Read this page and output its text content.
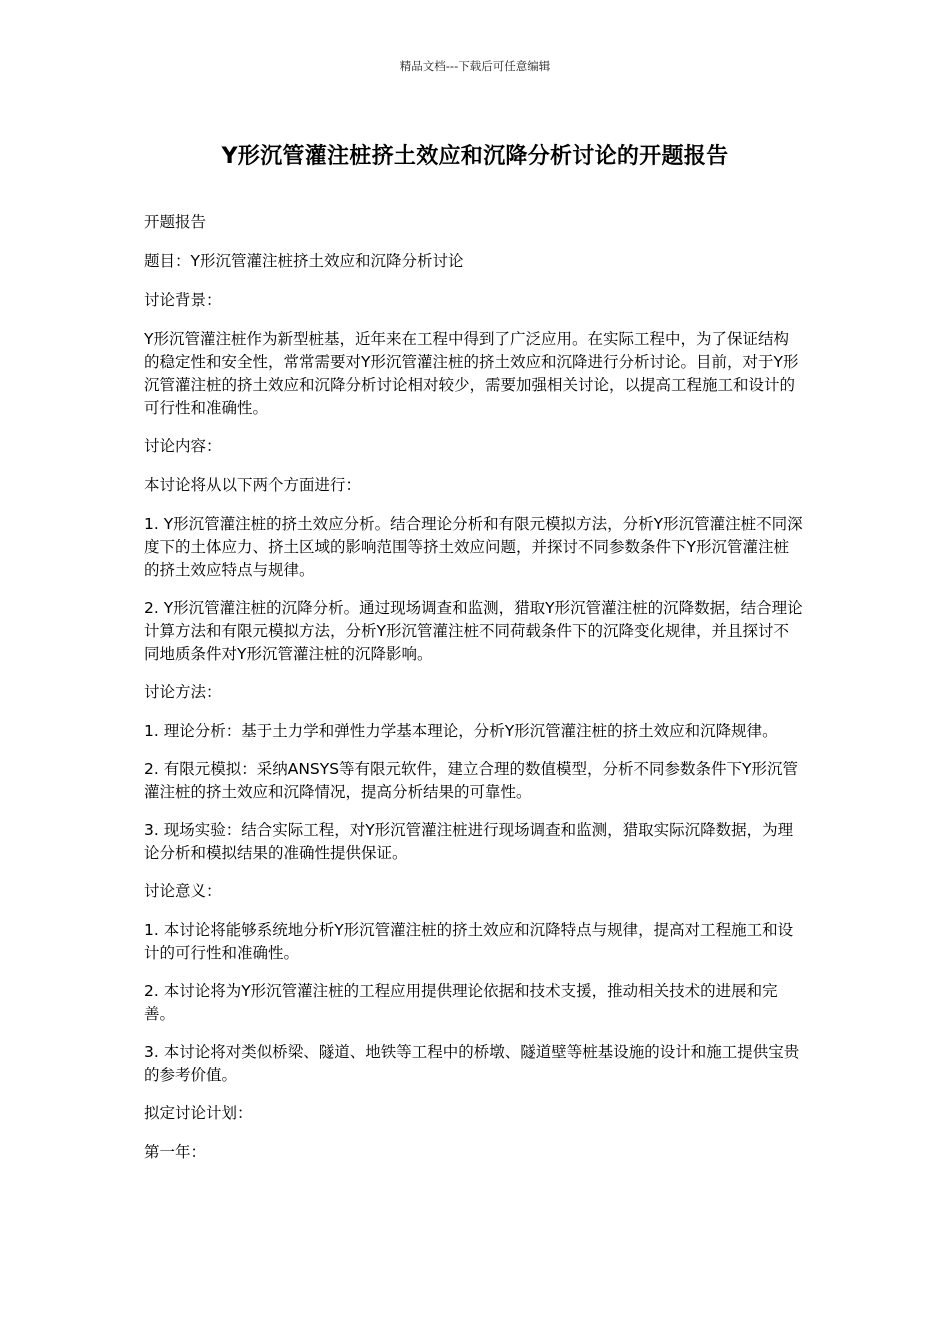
精品文档---下载后可任意编辑
Y形沉管灌注桩挤土效应和沉降分析讨论的开题报告

开题报告

题目：Y形沉管灌注桩挤土效应和沉降分析讨论

讨论背景：

Y形沉管灌注桩作为新型桩基，近年来在工程中得到了广泛应用。在实际工程中，为了保证结构的稳定性和安全性，常常需要对Y形沉管灌注桩的挤土效应和沉降进行分析讨论。目前，对于Y形沉管灌注桩的挤土效应和沉降分析讨论相对较少，需要加强相关讨论，以提高工程施工和设计的可行性和准确性。

讨论内容：

本讨论将从以下两个方面进行：

1. Y形沉管灌注桩的挤土效应分析。结合理论分析和有限元模拟方法，分析Y形沉管灌注桩不同深度下的土体应力、挤土区域的影响范围等挤土效应问题，并探讨不同参数条件下Y形沉管灌注桩的挤土效应特点与规律。

2. Y形沉管灌注桩的沉降分析。通过现场调查和监测，猎取Y形沉管灌注桩的沉降数据，结合理论计算方法和有限元模拟方法，分析Y形沉管灌注桩不同荷载条件下的沉降变化规律，并且探讨不同地质条件对Y形沉管灌注桩的沉降影响。

讨论方法：

1. 理论分析：基于土力学和弹性力学基本理论，分析Y形沉管灌注桩的挤土效应和沉降规律。

2. 有限元模拟：采纳ANSYS等有限元软件，建立合理的数值模型，分析不同参数条件下Y形沉管灌注桩的挤土效应和沉降情况，提高分析结果的可靠性。

3. 现场实验：结合实际工程，对Y形沉管灌注桩进行现场调查和监测，猎取实际沉降数据，为理论分析和模拟结果的准确性提供保证。

讨论意义：

1. 本讨论将能够系统地分析Y形沉管灌注桩的挤土效应和沉降特点与规律，提高对工程施工和设计的可行性和准确性。

2. 本讨论将为Y形沉管灌注桩的工程应用提供理论依据和技术支援，推动相关技术的进展和完善。

3. 本讨论将对类似桥梁、隧道、地铁等工程中的桥墩、隧道壁等桩基设施的设计和施工提供宝贵的参考价值。

拟定讨论计划：

第一年：
